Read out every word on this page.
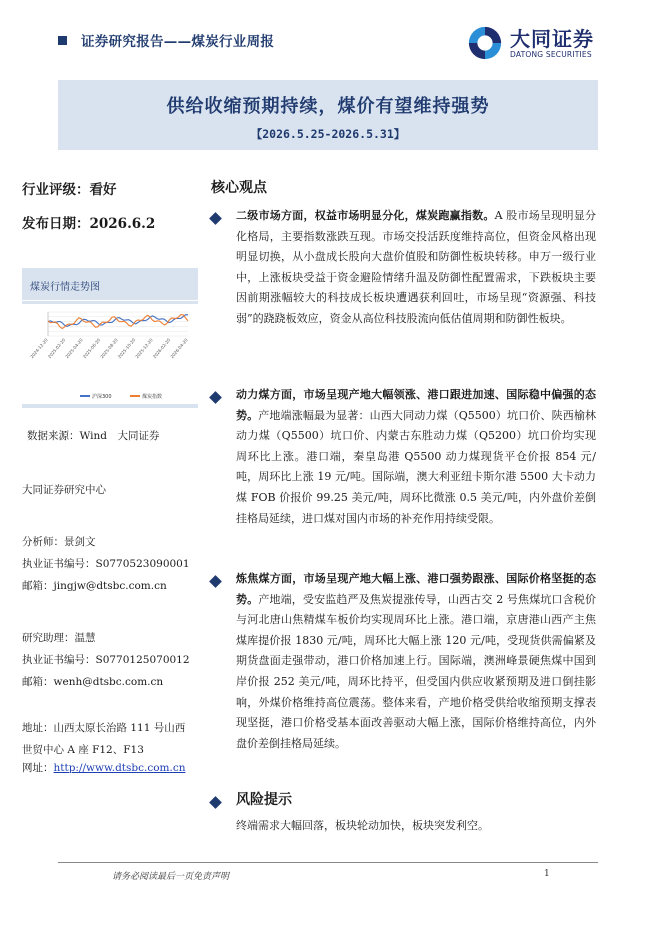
证券研究报告——煤炭行业周报	大同证券
DATONG SECURITIES
供给收缩预期持续，煤价有望维持强势
【2026.5.25-2026.5.31】
行业评级：看好
发布日期：2026.6.2
煤炭行情走势图
2024-12-20
2025-02-20
2025-04-20
2025-06-20
2025-08-20
2025-10-20
2025-12-20
2026-02-20
2026-04-20
沪深300	煤炭指数
数据来源：Wind　大同证券
大同证券研究中心
分析师：景剑文
执业证书编号：S0770523090001
邮箱：jingjw@dtsbc.com.cn
研究助理：温慧
执业证书编号：S0770125070012
邮箱：wenh@dtsbc.com.cn
地址：山西太原长治路 111 号山西世贸中心 A 座 F12、F13
网址：http://www.dtsbc.com.cn
核心观点
二级市场方面，权益市场明显分化，煤炭跑赢指数。A 股市场呈现明显分化格局，主要指数涨跌互现。市场交投活跃度维持高位，但资金风格出现明显切换，从小盘成长股向大盘价值股和防御性板块转移。申万一级行业中，上涨板块受益于资金避险情绪升温及防御性配置需求，下跌板块主要因前期涨幅较大的科技成长板块遭遇获利回吐，市场呈现“资源强、科技弱”的跷跷板效应，资金从高位科技股流向低估值周期和防御性板块。
动力煤方面，市场呈现产地大幅领涨、港口跟进加速、国际稳中偏强的态势。产地端涨幅最为显著：山西大同动力煤（Q5500）坑口价、陕西榆林动力煤（Q5500）坑口价、内蒙古东胜动力煤（Q5200）坑口价均实现周环比上涨。港口端，秦皇岛港 Q5500 动力煤现货平仓价报 854 元/吨，周环比上涨 19 元/吨。国际端，澳大利亚纽卡斯尔港 5500 大卡动力煤 FOB 价报价 99.25 美元/吨，周环比微涨 0.5 美元/吨，内外盘价差倒挂格局延续，进口煤对国内市场的补充作用持续受限。
炼焦煤方面，市场呈现产地大幅上涨、港口强势跟涨、国际价格坚挺的态势。产地端，受安监趋严及焦炭提涨传导，山西古交 2 号焦煤坑口含税价与河北唐山焦精煤车板价均实现周环比上涨。港口端，京唐港山西产主焦煤库提价报 1830 元/吨，周环比大幅上涨 120 元/吨，受现货供需偏紧及期货盘面走强带动，港口价格加速上行。国际端，澳洲峰景硬焦煤中国到岸价报 252 美元/吨，周环比持平，但受国内供应收紧预期及进口倒挂影响，外煤价格维持高位震荡。整体来看，产地价格受供给收缩预期支撑表现坚挺，港口价格受基本面改善驱动大幅上涨，国际价格维持高位，内外盘价差倒挂格局延续。
风险提示
终端需求大幅回落，板块轮动加快，板块突发利空。
请务必阅读最后一页免责声明	1
